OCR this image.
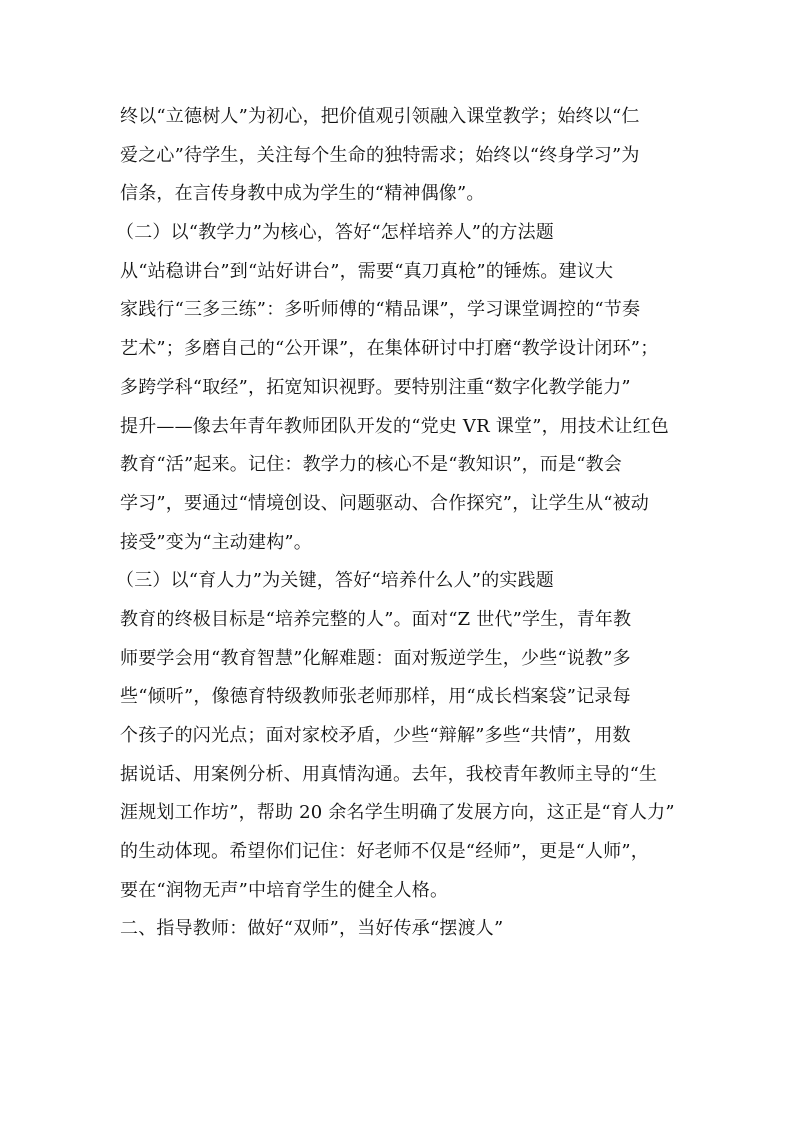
终以“立德树人”为初心，把价值观引领融入课堂教学；始终以“仁
爱之心”待学生，关注每个生命的独特需求；始终以“终身学习”为
信条，在言传身教中成为学生的“精神偶像”。
（二）以“教学力”为核心，答好“怎样培养人”的方法题
从“站稳讲台”到“站好讲台”，需要“真刀真枪”的锤炼。建议大
家践行“三多三练”：多听师傅的“精品课”，学习课堂调控的“节奏
艺术”；多磨自己的“公开课”，在集体研讨中打磨“教学设计闭环”；
多跨学科“取经”，拓宽知识视野。要特别注重“数字化教学能力”
提升——像去年青年教师团队开发的“党史 VR 课堂”，用技术让红色
教育“活”起来。记住：教学力的核心不是“教知识”，而是“教会
学习”，要通过“情境创设、问题驱动、合作探究”，让学生从“被动
接受”变为“主动建构”。
（三）以“育人力”为关键，答好“培养什么人”的实践题
教育的终极目标是“培养完整的人”。面对“Z 世代”学生，青年教
师要学会用“教育智慧”化解难题：面对叛逆学生，少些“说教”多
些“倾听”，像德育特级教师张老师那样，用“成长档案袋”记录每
个孩子的闪光点；面对家校矛盾，少些“辩解”多些“共情”，用数
据说话、用案例分析、用真情沟通。去年，我校青年教师主导的“生
涯规划工作坊”，帮助 20 余名学生明确了发展方向，这正是“育人力”
的生动体现。希望你们记住：好老师不仅是“经师”，更是“人师”，
要在“润物无声”中培育学生的健全人格。
二、指导教师：做好“双师”，当好传承“摆渡人”
